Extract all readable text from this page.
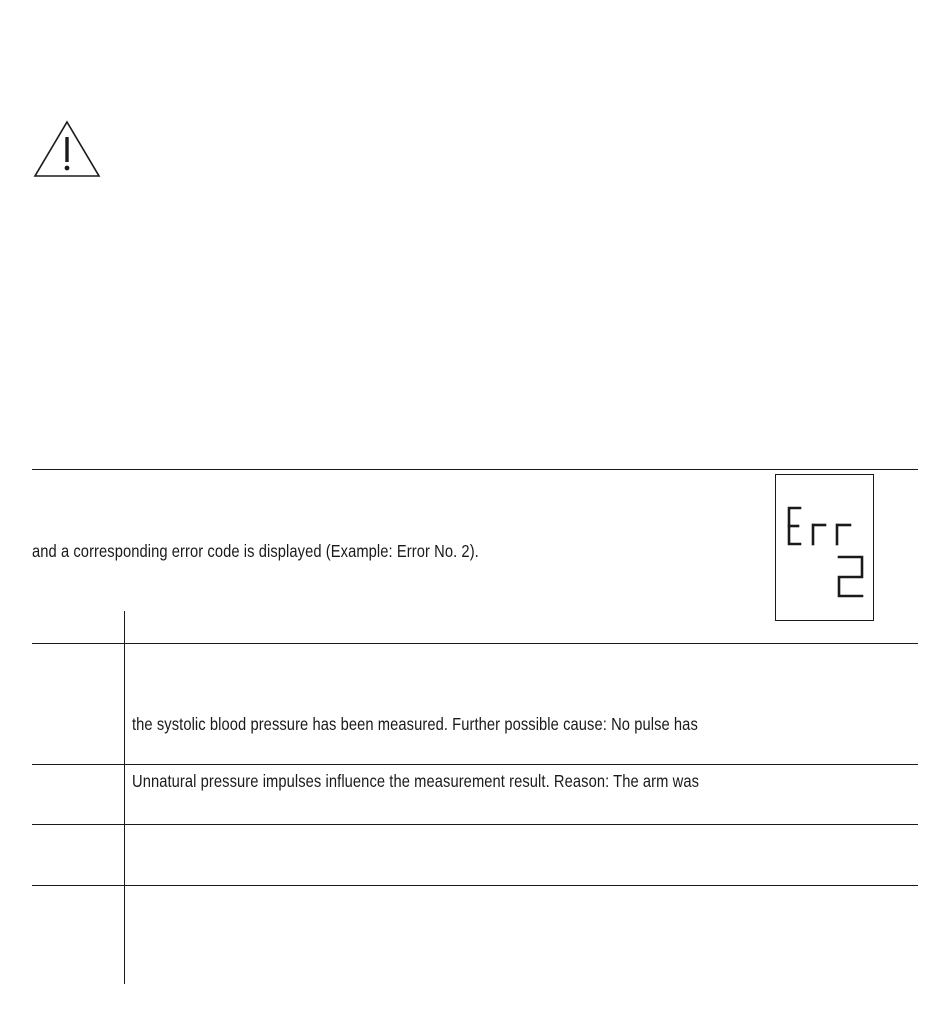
and a corresponding error code is displayed (Example: Error No. 2).
the systolic blood pressure has been measured. Further possible cause: No pulse has
Unnatural pressure impulses influence the measurement result. Reason: The arm was
